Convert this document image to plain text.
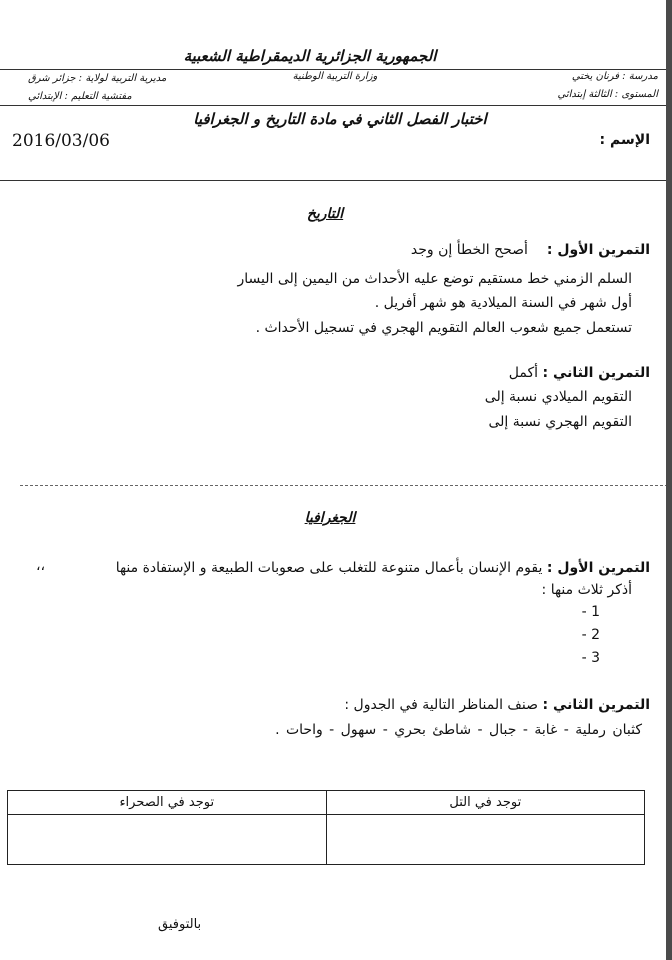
الجمهورية الجزائرية الديمقراطية الشعبية
مدرسة : فرنان يختي
وزارة التربية الوطنية
مديرية التربية لولاية : جزائر شرق
المستوى : الثالثة إبتدائي
مفتشية التعليم : الإبتدائي
اختبار الفصل الثاني في مادة التاريخ و الجغرافيا
الإسم :
2016/03/06
التاريخ
التمرين الأول :  أصحح الخطأ إن وجد
السلم الزمني خط مستقيم توضع عليه الأحداث من اليمين إلى اليسار
أول شهر في السنة الميلادية هو شهر أفريل .
تستعمل جميع شعوب العالم التقويم الهجري في تسجيل الأحداث .
التمرين الثاني : أكمل
التقويم الميلادي نسبة إلى
التقويم الهجري نسبة إلى
الجغرافيا
التمرين الأول : يقوم الإنسان بأعمال متنوعة للتغلب على صعوبات الطبيعة و الإستفادة منها
،،
أذكر ثلاث منها :
1 -
2 -
3 -
التمرين الثاني : صنف المناظر التالية في الجدول :
كثبان رملية - غابة - جبال - شاطئ بحري - سهول - واحات .
توجد في الصحراء	توجد في التل

بالتوفيق
